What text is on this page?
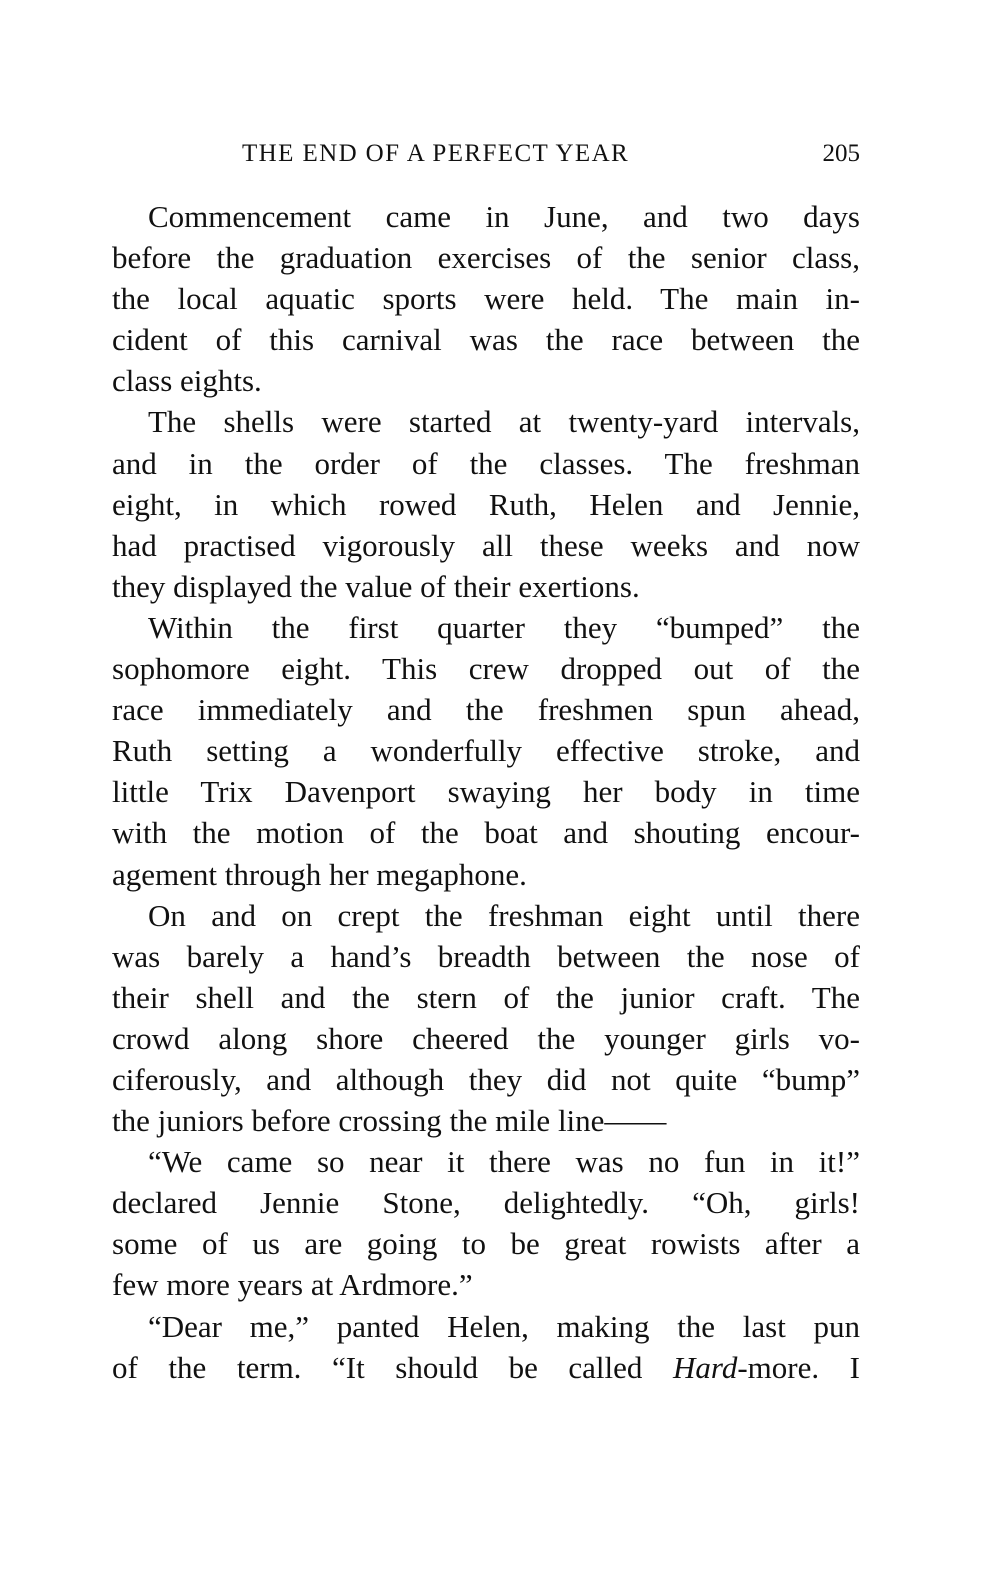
THE END OF A PERFECT YEAR	205
Commencement came in June, and two days
before the graduation exercises of the senior class,
the local aquatic sports were held. The main in-
cident of this carnival was the race between the
class eights.
The shells were started at twenty-yard intervals,
and in the order of the classes. The freshman
eight, in which rowed Ruth, Helen and Jennie,
had practised vigorously all these weeks and now
they displayed the value of their exertions.
Within the first quarter they “bumped” the
sophomore eight. This crew dropped out of the
race immediately and the freshmen spun ahead,
Ruth setting a wonderfully effective stroke, and
little Trix Davenport swaying her body in time
with the motion of the boat and shouting encour-
agement through her megaphone.
On and on crept the freshman eight until there
was barely a hand’s breadth between the nose of
their shell and the stern of the junior craft. The
crowd along shore cheered the younger girls vo-
ciferously, and although they did not quite “bump”
the juniors before crossing the mile line——
“We came so near it there was no fun in it!”
declared Jennie Stone, delightedly. “Oh, girls!
some of us are going to be great rowists after a
few more years at Ardmore.”
“Dear me,” panted Helen, making the last pun
of the term. “It should be called Hard-more. I
